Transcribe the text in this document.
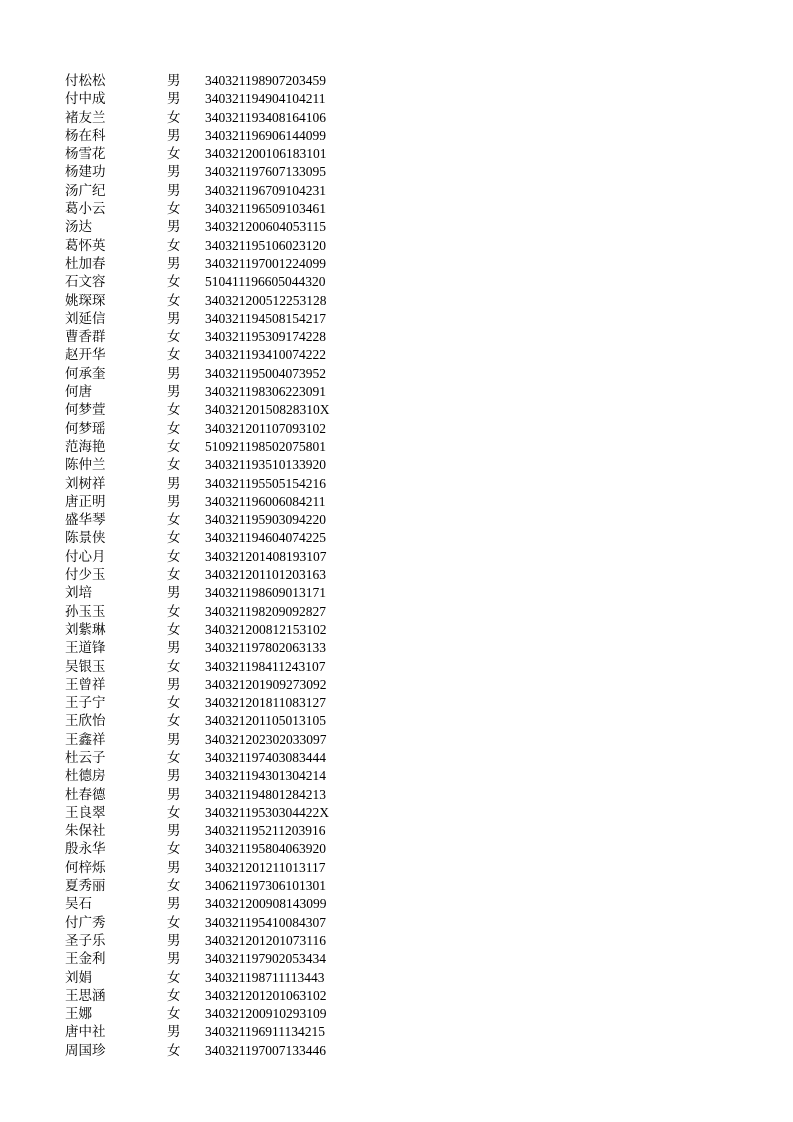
付松松	男 340321198907203459
付中成	男 340321194904104211
褚友兰	女 340321193408164106
杨在科	男 340321196906144099
杨雪花	女 340321200106183101
杨建功	男 340321197607133095
汤广纪	男 340321196709104231
葛小云	女 340321196509103461
汤达	男 340321200604053115
葛怀英	女 340321195106023120
杜加春	男 340321197001224099
石文容	女 510411196605044320
姚琛琛	女 340321200512253128
刘延信	男 340321194508154217
曹香群	女 340321195309174228
赵开华	女 340321193410074222
何承奎	男 340321195004073952
何唐	男 340321198306223091
何梦萱	女 34032120150828310X
何梦瑶	女 340321201107093102
范海艳	女 510921198502075801
陈仲兰	女 340321193510133920
刘树祥	男 340321195505154216
唐正明	男 340321196006084211
盛华琴	女 340321195903094220
陈景侠	女 340321194604074225
付心月	女 340321201408193107
付少玉	女 340321201101203163
刘培	男 340321198609013171
孙玉玉	女 340321198209092827
刘紫琳	女 340321200812153102
王道锋	男 340321197802063133
吴银玉	女 340321198411243107
王曾祥	男 340321201909273092
王子宁	女 340321201811083127
王欣怡	女 340321201105013105
王鑫祥	男 340321202302033097
杜云子	女 340321197403083444
杜德房	男 340321194301304214
杜春德	男 340321194801284213
王良翠	女 34032119530304422X
朱保社	男 340321195211203916
殷永华	女 340321195804063920
何梓烁	男 340321201211013117
夏秀丽	女 340621197306101301
吴石	男 340321200908143099
付广秀	女 340321195410084307
圣子乐	男 340321201201073116
王金利	男 340321197902053434
刘娟	女 340321198711113443
王思涵	女 340321201201063102
王娜	女 340321200910293109
唐中社	男 340321196911134215
周国珍	女 340321197007133446
